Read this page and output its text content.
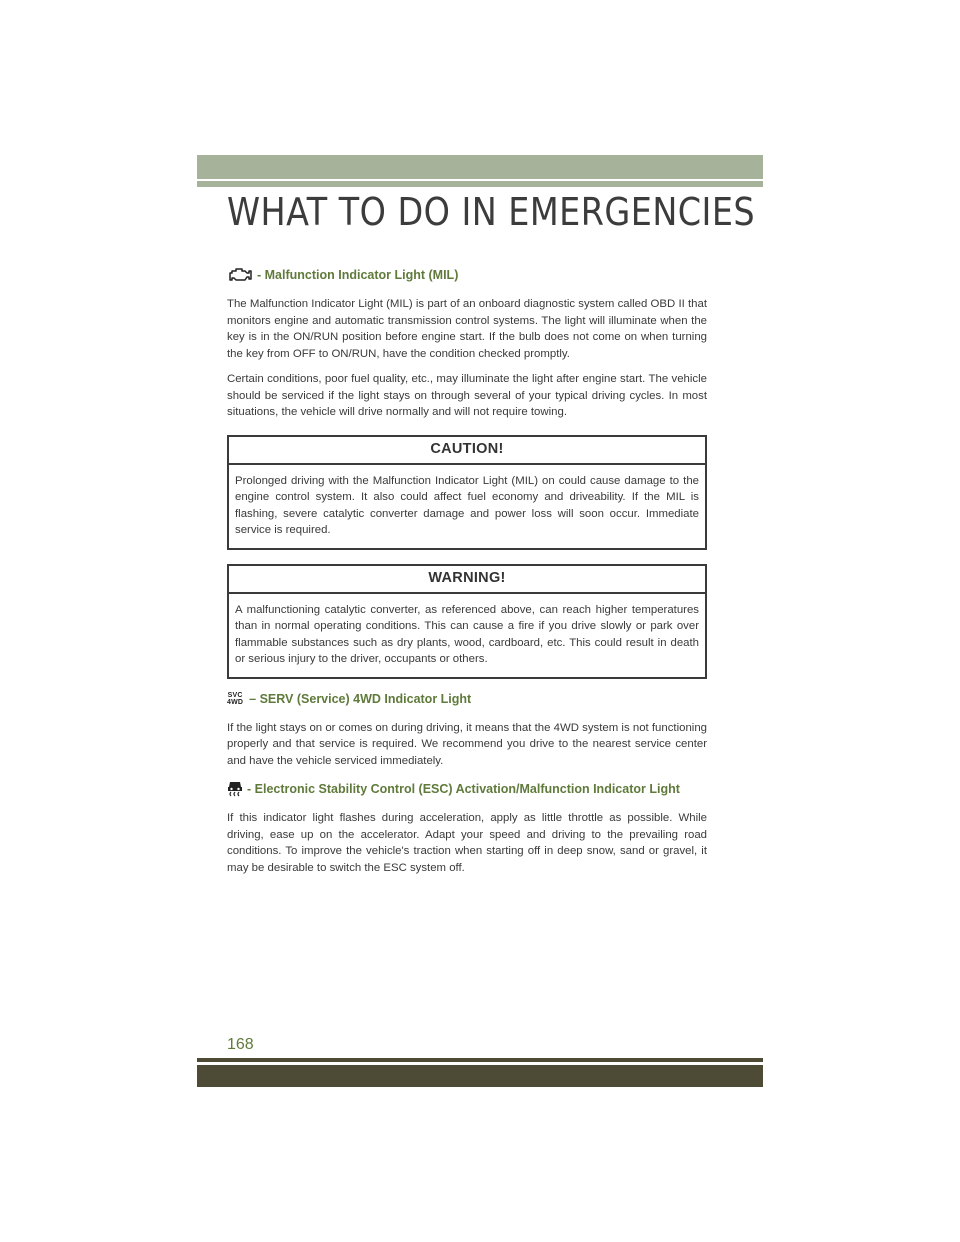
WHAT TO DO IN EMERGENCIES
- Malfunction Indicator Light (MIL)

The Malfunction Indicator Light (MIL) is part of an onboard diagnostic system called OBD II that monitors engine and automatic transmission control systems. The light will illuminate when the key is in the ON/RUN position before engine start. If the bulb does not come on when turning the key from OFF to ON/RUN, have the condition checked promptly.

Certain conditions, poor fuel quality, etc., may illuminate the light after engine start. The vehicle should be serviced if the light stays on through several of your typical driving cycles. In most situations, the vehicle will drive normally and will not require towing.

CAUTION!
Prolonged driving with the Malfunction Indicator Light (MIL) on could cause damage to the engine control system. It also could affect fuel economy and driveability. If the MIL is flashing, severe catalytic converter damage and power loss will soon occur. Immediate service is required.
WARNING!
A malfunctioning catalytic converter, as referenced above, can reach higher temperatures than in normal operating conditions. This can cause a fire if you drive slowly or park over flammable substances such as dry plants, wood, cardboard, etc. This could result in death or serious injury to the driver, occupants or others.
SVC
4WD – SERV (Service) 4WD Indicator Light

If the light stays on or comes on during driving, it means that the 4WD system is not functioning properly and that service is required. We recommend you drive to the nearest service center and have the vehicle serviced immediately.

- Electronic Stability Control (ESC) Activation/Malfunction Indicator Light

If this indicator light flashes during acceleration, apply as little throttle as possible. While driving, ease up on the accelerator. Adapt your speed and driving to the prevailing road conditions. To improve the vehicle's traction when starting off in deep snow, sand or gravel, it may be desirable to switch the ESC system off.

168
